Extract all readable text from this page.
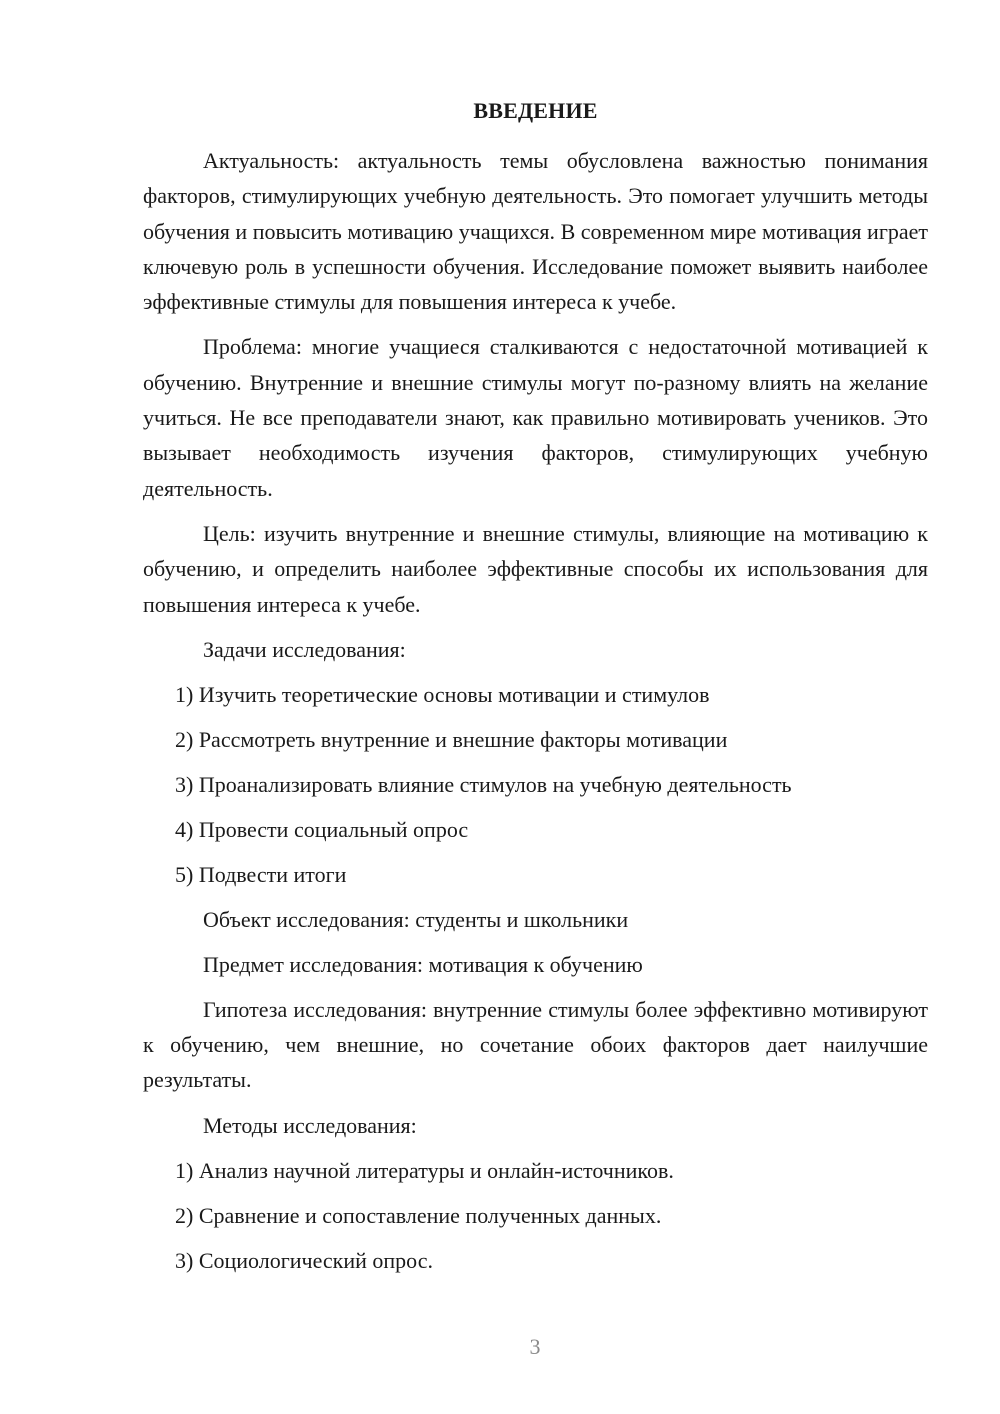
ВВЕДЕНИЕ

Актуальность: актуальность темы обусловлена важностью понимания факторов, стимулирующих учебную деятельность. Это помогает улучшить методы обучения и повысить мотивацию учащихся. В современном мире мотивация играет ключевую роль в успешности обучения. Исследование поможет выявить наиболее эффективные стимулы для повышения интереса к учебе.

Проблема: многие учащиеся сталкиваются с недостаточной мотивацией к обучению. Внутренние и внешние стимулы могут по-разному влиять на желание учиться. Не все преподаватели знают, как правильно мотивировать учеников. Это вызывает необходимость изучения факторов, стимулирующих учебную деятельность.

Цель: изучить внутренние и внешние стимулы, влияющие на мотивацию к обучению, и определить наиболее эффективные способы их использования для повышения интереса к учебе.

Задачи исследования:
1) Изучить теоретические основы мотивации и стимулов
2) Рассмотреть внутренние и внешние факторы мотивации
3) Проанализировать влияние стимулов на учебную деятельность
4) Провести социальный опрос
5) Подвести итоги
Объект исследования: студенты и школьники
Предмет исследования: мотивация к обучению

Гипотеза исследования: внутренние стимулы более эффективно мотивируют к обучению, чем внешние, но сочетание обоих факторов дает наилучшие результаты.

Методы исследования:
1) Анализ научной литературы и онлайн-источников.
2) Сравнение и сопоставление полученных данных.
3) Социологический опрос.
3
